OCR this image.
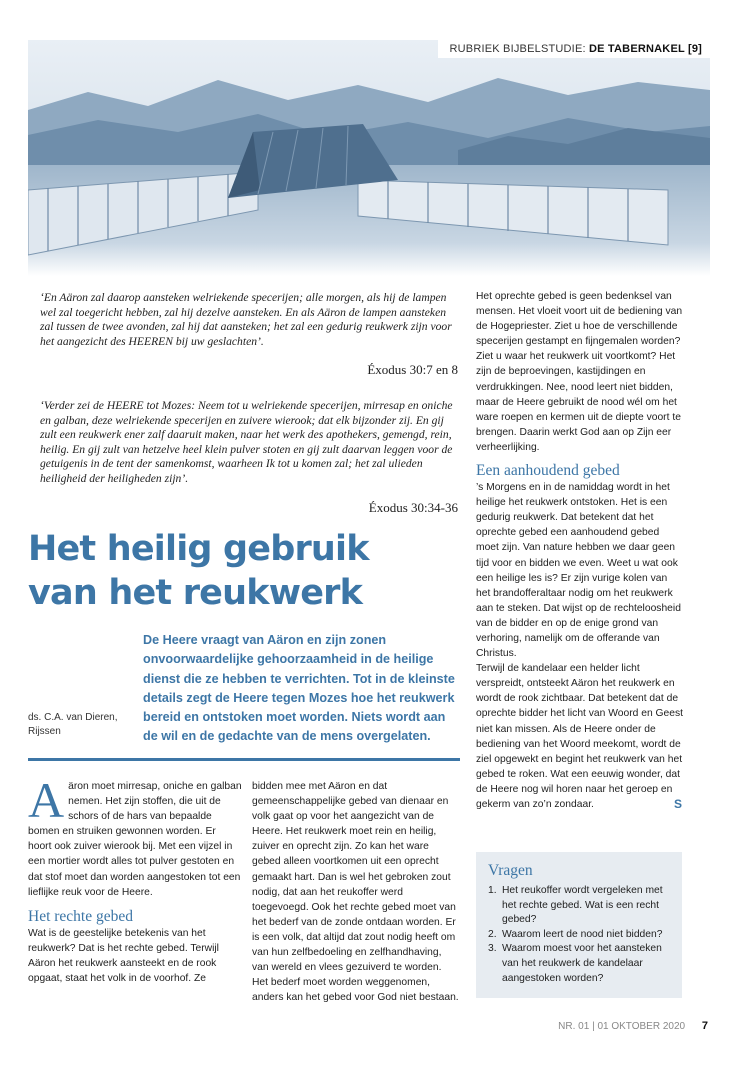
RUBRIEK BIJBELSTUDIE: DE TABERNAKEL [9]
‘En Aäron zal daarop aansteken welriekende specerijen; alle morgen, als hij de lampen wel zal toegericht hebben, zal hij dezelve aansteken. En als Aäron de lampen aansteken zal tussen de twee avonden, zal hij dat aansteken; het zal een gedurig reukwerk zijn voor het aangezicht des HEEREN bij uw geslachten’.
Éxodus 30:7 en 8
‘Verder zei de HEERE tot Mozes: Neem tot u welriekende specerijen, mirresap en oniche en galban, deze welriekende specerijen en zuivere wierook; dat elk bijzonder zij. En gij zult een reukwerk ener zalf daaruit maken, naar het werk des apothekers, gemengd, rein, heilig. En gij zult van hetzelve heel klein pulver stoten en gij zult daarvan leggen voor de getuigenis in de tent der samenkomst, waarheen Ik tot u komen zal; het zal ulieden heiligheid der heiligheden zijn’.
Éxodus 30:34-36
Het heilig gebruik
van het reukwerk
De Heere vraagt van Aäron en zijn zonen onvoorwaardelijke gehoorzaamheid in de heilige dienst die ze hebben te verrichten. Tot in de kleinste details zegt de Heere tegen Mozes hoe het reukwerk bereid en ontstoken moet worden. Niets wordt aan de wil en de gedachte van de mens overgelaten.
ds. C.A. van Dieren,
Rijssen

Aäron moet mirresap, oniche en galban nemen. Het zijn stoffen, die uit de schors of de hars van bepaalde bomen en struiken gewonnen worden. Er hoort ook zuiver wierook bij. Met een vijzel in een mortier wordt alles tot pulver gestoten en dat stof moet dan worden aangestoken tot een lieflijke reuk voor de Heere.

Het rechte gebed

Wat is de geestelijke betekenis van het reukwerk? Dat is het rechte gebed. Terwijl Aäron het reukwerk aansteekt en de rook opgaat, staat het volk in de voorhof. Ze

bidden mee met Aäron en dat gemeenschappelijke gebed van dienaar en volk gaat op voor het aangezicht van de Heere. Het reukwerk moet rein en heilig, zuiver en oprecht zijn. Zo kan het ware gebed alleen voortkomen uit een oprecht gemaakt hart. Dan is wel het gebroken zout nodig, dat aan het reukoffer werd toegevoegd. Ook het rechte gebed moet van het bederf van de zonde ontdaan worden. Er is een volk, dat altijd dat zout nodig heeft om van hun zelfbedoeling en zelfhandhaving, van wereld en vlees gezuiverd te worden. Het bederf moet worden weggenomen, anders kan het gebed voor God niet bestaan.

Het oprechte gebed is geen bedenksel van mensen. Het vloeit voort uit de bediening van de Hogepriester. Ziet u hoe de verschillende specerijen gestampt en fijngemalen worden? Ziet u waar het reukwerk uit voortkomt? Het zijn de beproevingen, kastijdingen en verdrukkingen. Nee, nood leert niet bidden, maar de Heere gebruikt de nood wél om het ware roepen en kermen uit de diepte voort te brengen. Daarin werkt God aan op Zijn eer verheerlijking.

Een aanhoudend gebed

’s Morgens en in de namiddag wordt in het heilige het reukwerk ontstoken. Het is een gedurig reukwerk. Dat betekent dat het oprechte gebed een aanhoudend gebed moet zijn. Van nature hebben we daar geen tijd voor en bidden we even. Weet u wat ook een heilige les is? Er zijn vurige kolen van het brandofferaltaar nodig om het reukwerk aan te steken. Dat wijst op de rechteloosheid van de bidder en op de enige grond van verhoring, namelijk om de offerande van Christus.

Terwijl de kandelaar een helder licht verspreidt, ontsteekt Aäron het reukwerk en wordt de rook zichtbaar. Dat betekent dat de oprechte bidder het licht van Woord en Geest niet kan missen. Als de Heere onder de bediening van het Woord meekomt, wordt de ziel opgewekt en begint het reukwerk van het gebed te roken. Wat een eeuwig wonder, dat de Heere nog wil horen naar het geroep en gekerm van zo’n zondaar.	S

Vragen
1. Het reukoffer wordt vergeleken met het rechte gebed. Wat is een recht gebed?
2. Waarom leert de nood niet bidden?
3. Waarom moest voor het aansteken van het reukwerk de kandelaar aangestoken worden?
NR. 01 | 01 OKTOBER 2020 7
